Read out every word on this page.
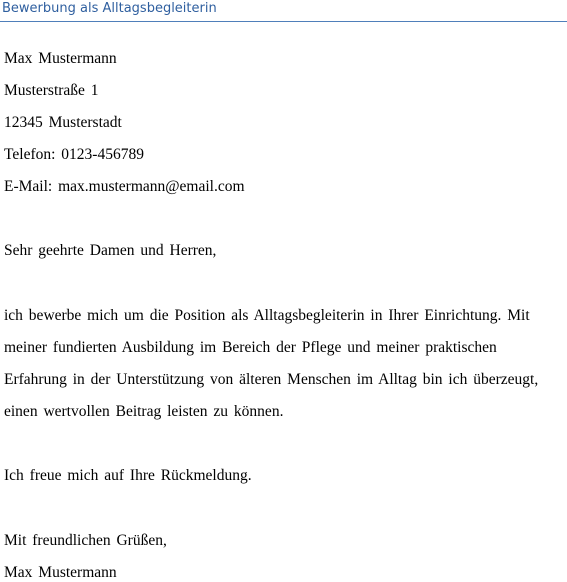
Bewerbung als Alltagsbegleiterin
Max Mustermann
Musterstraße 1
12345 Musterstadt
Telefon: 0123-456789
E-Mail: max.mustermann@email.com
Sehr geehrte Damen und Herren,
ich bewerbe mich um die Position als Alltagsbegleiterin in Ihrer Einrichtung. Mit
meiner fundierten Ausbildung im Bereich der Pflege und meiner praktischen
Erfahrung in der Unterstützung von älteren Menschen im Alltag bin ich überzeugt,
einen wertvollen Beitrag leisten zu können.
Ich freue mich auf Ihre Rückmeldung.
Mit freundlichen Grüßen,
Max Mustermann
